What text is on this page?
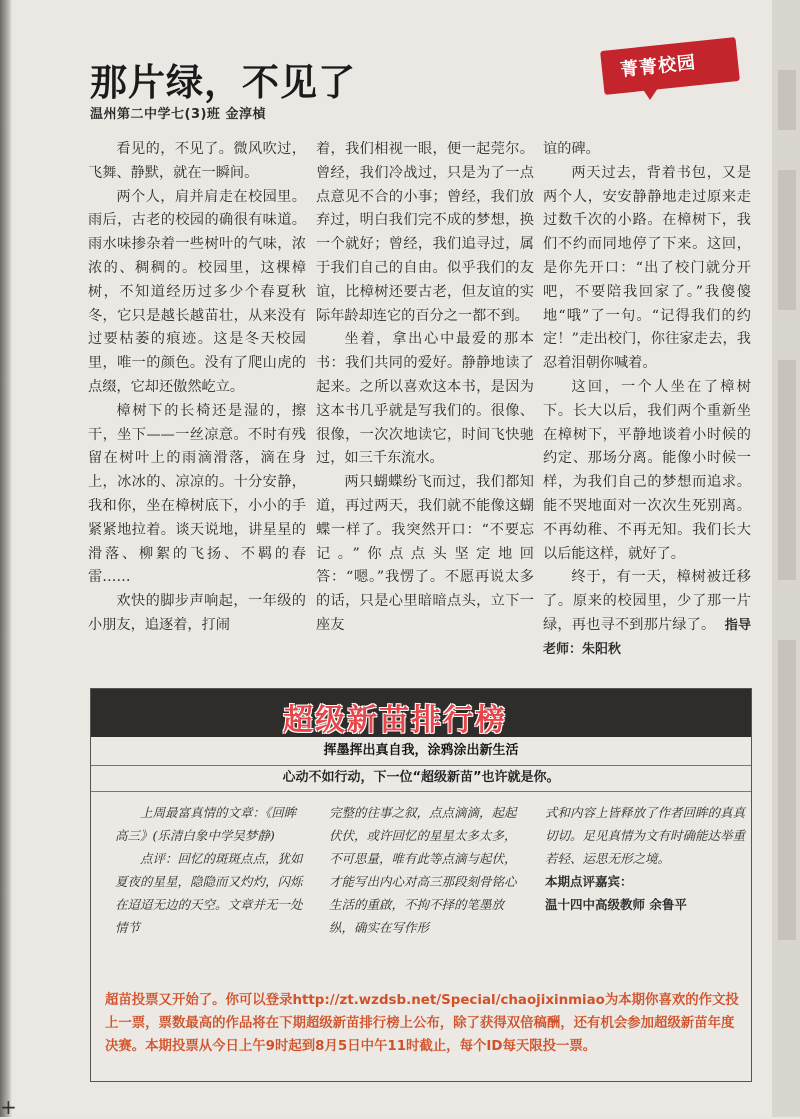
那片绿，不见了
温州第二中学七(3)班 金淳楨
菁菁校园

看见的，不见了。微风吹过，飞舞、静默，就在一瞬间。

两个人，肩并肩走在校园里。雨后，古老的校园的确很有味道。雨水味掺杂着一些树叶的气味，浓浓的、稠稠的。校园里，这棵樟树，不知道经历过多少个春夏秋冬，它只是越长越苗壮，从来没有过要枯萎的痕迹。这是冬天校园里，唯一的颜色。没有了爬山虎的点缀，它却还傲然屹立。

樟树下的长椅还是湿的，擦干，坐下——一丝凉意。不时有残留在树叶上的雨滴滑落，滴在身上，冰冰的、凉凉的。十分安静，我和你，坐在樟树底下，小小的手紧紧地拉着。谈天说地，讲星星的滑落、柳絮的飞扬、不羁的春雷……

欢快的脚步声响起，一年级的小朋友，追逐着，打闹

着，我们相视一眼，便一起莞尔。曾经，我们冷战过，只是为了一点点意见不合的小事；曾经，我们放弃过，明白我们完不成的梦想，换一个就好；曾经，我们追寻过，属于我们自己的自由。似乎我们的友谊，比樟树还要古老，但友谊的实际年龄却连它的百分之一都不到。

坐着，拿出心中最爱的那本书：我们共同的爱好。静静地读了起来。之所以喜欢这本书，是因为这本书几乎就是写我们的。很像、很像，一次次地读它，时间飞快驰过，如三千东流水。

两只蝴蝶纷飞而过，我们都知道，再过两天，我们就不能像这蝴蝶一样了。我突然开口：“不要忘记。”你点点头坚定地回答：“嗯。”我愣了。不愿再说太多的话，只是心里暗暗点头，立下一座友

谊的碑。

两天过去，背着书包，又是两个人，安安静静地走过原来走过数千次的小路。在樟树下，我们不约而同地停了下来。这回，是你先开口：“出了校门就分开吧，不要陪我回家了。”我傻傻地“哦”了一句。“记得我们的约定！”走出校门，你往家走去，我忍着泪朝你喊着。

这回，一个人坐在了樟树下。长大以后，我们两个重新坐在樟树下，平静地谈着小时候的约定、那场分离。能像小时候一样，为我们自己的梦想而追求。能不哭地面对一次次生死别离。不再幼稚、不再无知。我们长大以后能这样，就好了。

终于，有一天，樟树被迁移了。原来的校园里，少了那一片绿，再也寻不到那片绿了。 指导老师：朱阳秋

超级新苗排行榜
挥墨挥出真自我，涂鸦涂出新生活
心动不如行动，下一位“超级新苗”也许就是你。

上周最富真情的文章：《回眸高三》(乐清白象中学吴梦静)

点评：回忆的斑斑点点，犹如夏夜的星星，隐隐而又灼灼，闪烁在迢迢无边的天空。文章并无一处情节

完整的往事之叙，点点滴滴，起起伏伏，或许回忆的星星太多太多，不可思量，唯有此等点滴与起伏，才能写出内心对高三那段刻骨铭心生活的重啟，不拘不择的笔墨放纵，确实在写作形

式和内容上皆释放了作者回眸的真真切切。足见真情为文有时确能达举重若轻、运思无形之境。

本期点评嘉宾：

温十四中高级教师 余鲁平

超苗投票又开始了。你可以登录http://zt.wzdsb.net/Special/chaojixinmiao为本期你喜欢的作文投上一票，票数最高的作品将在下期超级新苗排行榜上公布，除了获得双倍稿酬，还有机会参加超级新苗年度决赛。本期投票从今日上午9时起到8月5日中午11时截止，每个ID每天限投一票。
+
